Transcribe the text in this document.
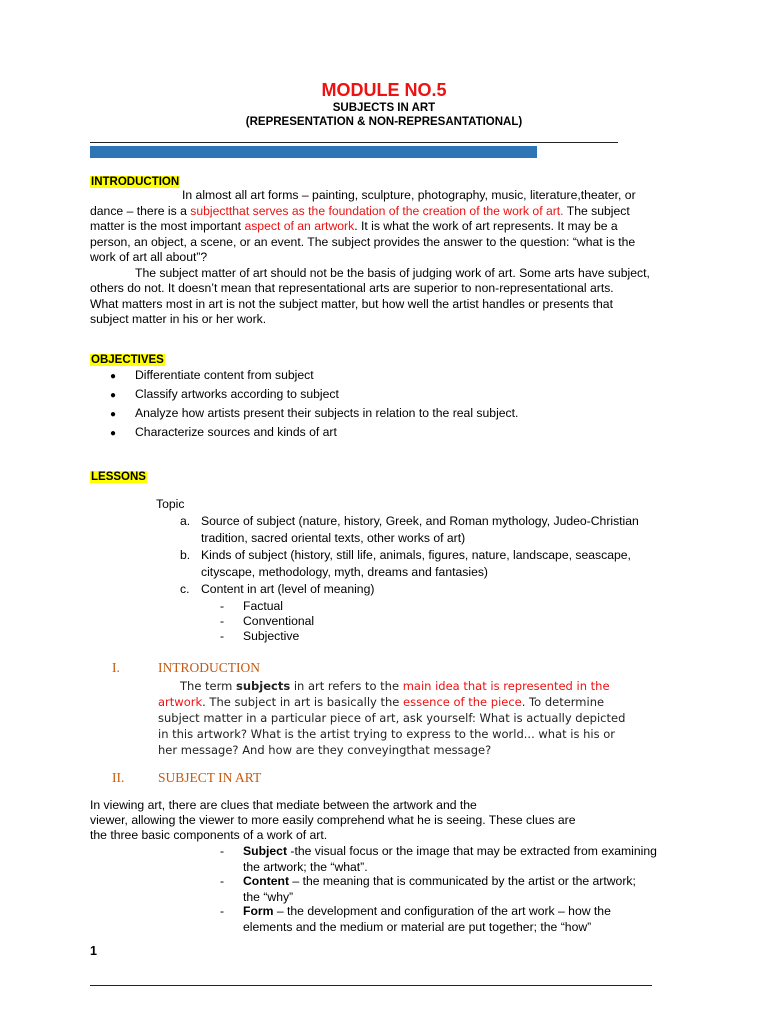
MODULE NO.5
SUBJECTS IN ART
(REPRESENTATION & NON-REPRESANTATIONAL)
INTRODUCTION
In almost all art forms – painting, sculpture, photography, music, literature,theater, or
dance – there is a subjectthat serves as the foundation of the creation of the work of art. The subject
matter is the most important aspect of an artwork. It is what the work of art represents. It may be a
person, an object, a scene, or an event. The subject provides the answer to the question: “what is the
work of art all about”?
The subject matter of art should not be the basis of judging work of art. Some arts have subject,
others do not. It doesn’t mean that representational arts are superior to non-representational arts.
What matters most in art is not the subject matter, but how well the artist handles or presents that
subject matter in his or her work.
OBJECTIVES
● Differentiate content from subject
● Classify artworks according to subject
● Analyze how artists present their subjects in relation to the real subject.
● Characterize sources and kinds of art
LESSONS
Topic
a. Source of subject (nature, history, Greek, and Roman mythology, Judeo-Christian
tradition, sacred oriental texts, other works of art)
b. Kinds of subject (history, still life, animals, figures, nature, landscape, seascape,
cityscape, methodology, myth, dreams and fantasies)
c. Content in art (level of meaning)
- Factual
- Conventional
- Subjective
I.	INTRODUCTION
The term subjects in art refers to the main idea that is represented in the
artwork. The subject in art is basically the essence of the piece. To determine
subject matter in a particular piece of art, ask yourself: What is actually depicted
in this artwork? What is the artist trying to express to the world... what is his or
her message? And how are they conveyingthat message?
II. SUBJECT IN ART
In viewing art, there are clues that mediate between the artwork and the
viewer, allowing the viewer to more easily comprehend what he is seeing. These clues are
the three basic components of a work of art.
- Subject -the visual focus or the image that may be extracted from examining
the artwork; the “what”.
- Content – the meaning that is communicated by the artist or the artwork;
the “why”
- Form – the development and configuration of the art work – how the
elements and the medium or material are put together; the “how”
1
